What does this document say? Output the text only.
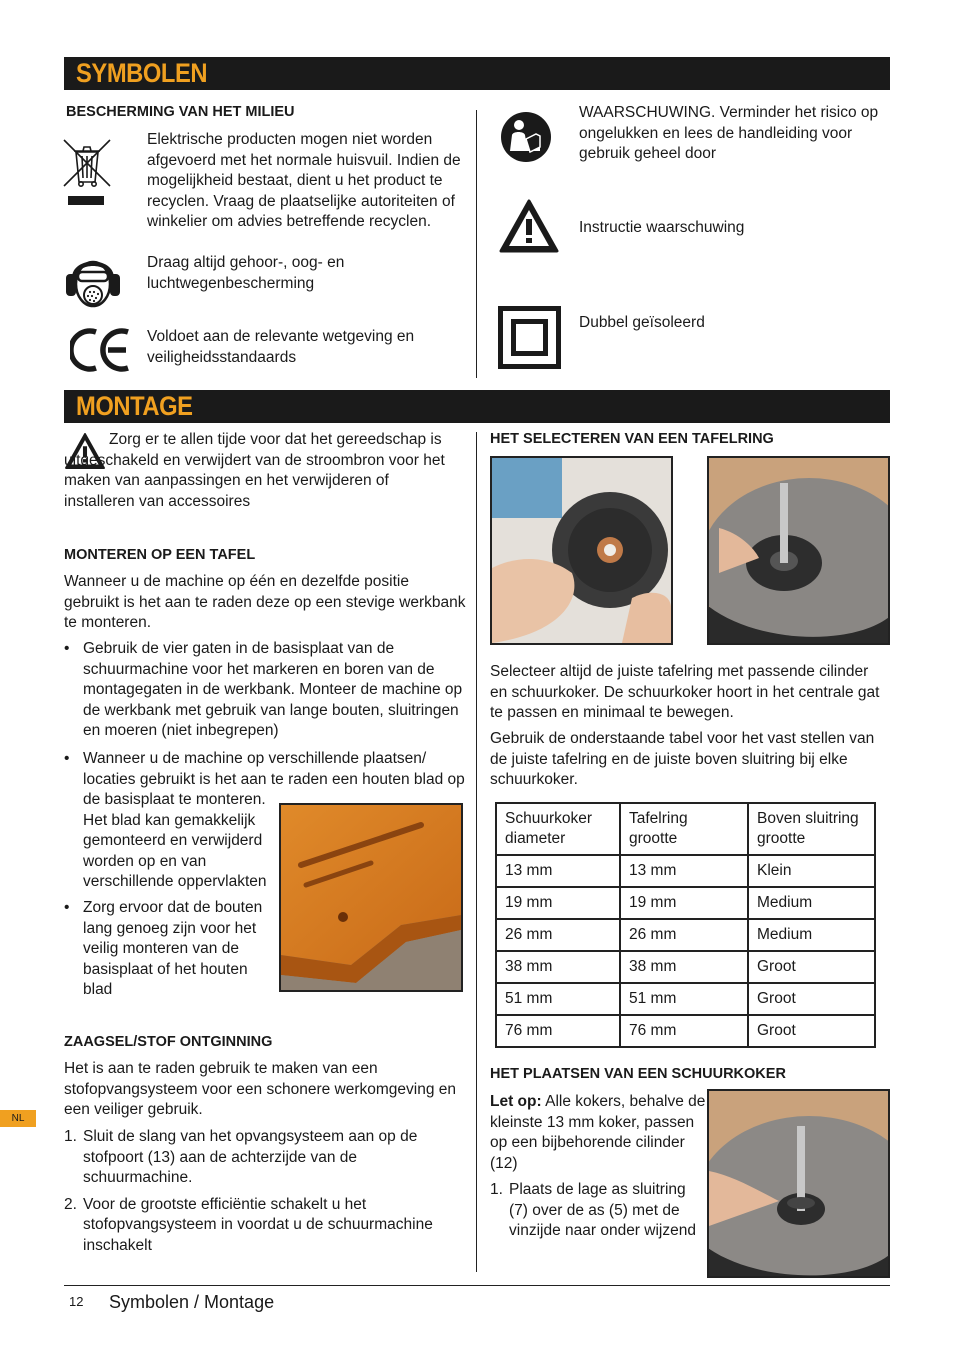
SYMBOLEN
BESCHERMING VAN HET MILIEU
Elektrische producten mogen niet worden afgevoerd met het normale huisvuil. Indien de mogelijkheid bestaat, dient u het product te recyclen. Vraag de plaatselijke autoriteiten of winkelier om advies betreffende recyclen.
Draag altijd gehoor-, oog- en luchtwegenbescherming
Voldoet aan de relevante wetgeving en veiligheidsstandaards
WAARSCHUWING. Verminder het risico op ongelukken en lees de handleiding voor gebruik geheel door
Instructie waarschuwing
Dubbel geïsoleerd
MONTAGE
Zorg er te allen tijde voor dat het gereedschap is uitgeschakeld en verwijdert van de stroombron voor het maken van aanpassingen en het verwijderen of installeren van accessoires
MONTEREN OP EEN TAFEL
Wanneer u de machine op één en dezelfde positie gebruikt is het aan te raden deze op een stevige werkbank te monteren.
• Gebruik de vier gaten in de basisplaat van de schuurmachine voor het markeren en boren van de montagegaten in de werkbank. Monteer de machine op de werkbank met gebruik van lange bouten, sluitringen en moeren (niet inbegrepen)
• Wanneer u de machine op verschillende plaatsen/ locaties gebruikt is het aan te raden een houten blad op
de basisplaat te monteren.
Het blad kan gemakkelijk
gemonteerd en verwijderd
worden op en van
verschillende oppervlakten
• Zorg ervoor dat de bouten
lang genoeg zijn voor het
veilig monteren van de
basisplaat of het houten
blad
ZAAGSEL/STOF ONTGINNING
Het is aan te raden gebruik te maken van een stofopvangsysteem voor een schonere werkomgeving en een veiliger gebruik.
1. Sluit de slang van het opvangsysteem aan op de stofpoort (13) aan de achterzijde van de schuurmachine.
2. Voor de grootste efficiëntie schakelt u het stofopvangsysteem in voordat u de schuurmachine inschakelt
HET SELECTEREN VAN EEN TAFELRING
Selecteer altijd de juiste tafelring met passende cilinder en schuurkoker. De schuurkoker hoort in het centrale gat te passen en minimaal te bewegen.
Gebruik de onderstaande tabel voor het vast stellen van de juiste tafelring en de juiste boven sluitring bij elke schuurkoker.
Schuurkoker diameter	Tafelring grootte	Boven sluitring grootte
13 mm	13 mm	Klein
19 mm	19 mm	Medium
26 mm	26 mm	Medium
38 mm	38 mm	Groot
51 mm	51 mm	Groot
76 mm	76 mm	Groot
HET PLAATSEN VAN EEN SCHUURKOKER
Let op: Alle kokers, behalve de
kleinste 13 mm koker, passen
op een bijbehorende cilinder
(12)
1. Plaats de lage as sluitring
(7) over de as (5) met de
vinzijde naar onder wijzend
NL
12 Symbolen / Montage
